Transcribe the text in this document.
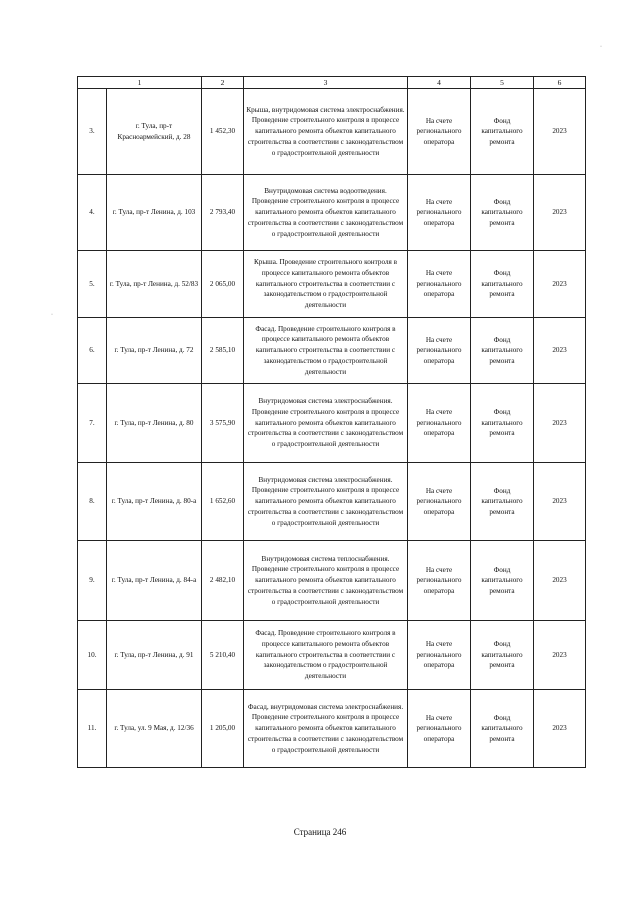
1		2	3	4	5	6
3.	г. Тула, пр-т Красноармейский, д. 28	1 452,30	Крыша, внутридомовая система электроснабжения. Проведение строительного контроля в процессе капитального ремонта объектов капитального строительства в соответствии с законодательством о градостроительной деятельности	На счете регионального оператора	Фонд капитального ремонта	2023
4.	г. Тула, пр-т Ленина, д. 103	2 793,40	Внутридомовая система водоотведения. Проведение строительного контроля в процессе капитального ремонта объектов капитального строительства в соответствии с законодательством о градостроительной деятельности	На счете регионального оператора	Фонд капитального ремонта	2023
5.	г. Тула, пр-т Ленина, д. 52/83	2 065,00	Крыша. Проведение строительного контроля в процессе капитального ремонта объектов капитального строительства в соответствии с законодательством о градостроительной деятельности	На счете регионального оператора	Фонд капитального ремонта	2023
6.	г. Тула, пр-т Ленина, д. 72	2 585,10	Фасад. Проведение строительного контроля в процессе капитального ремонта объектов капитального строительства в соответствии с законодательством о градостроительной деятельности	На счете регионального оператора	Фонд капитального ремонта	2023
7.	г. Тула, пр-т Ленина, д. 80	3 575,90	Внутридомовая система электроснабжения. Проведение строительного контроля в процессе капитального ремонта объектов капитального строительства в соответствии с законодательством о градостроительной деятельности	На счете регионального оператора	Фонд капитального ремонта	2023
8.	г. Тула, пр-т Ленина, д. 80-а	1 652,60	Внутридомовая система электроснабжения. Проведение строительного контроля в процессе капитального ремонта объектов капитального строительства в соответствии с законодательством о градостроительной деятельности	На счете регионального оператора	Фонд капитального ремонта	2023
9.	г. Тула, пр-т Ленина, д. 84-а	2 482,10	Внутридомовая система теплоснабжения. Проведение строительного контроля в процессе капитального ремонта объектов капитального строительства в соответствии с законодательством о градостроительной деятельности	На счете регионального оператора	Фонд капитального ремонта	2023
10.	г. Тула, пр-т Ленина, д. 91	5 210,40	Фасад. Проведение строительного контроля в процессе капитального ремонта объектов капитального строительства в соответствии с законодательством о градостроительной деятельности	На счете регионального оператора	Фонд капитального ремонта	2023
11.	г. Тула, ул. 9 Мая, д. 12/36	1 205,00	Фасад, внутридомовая система электроснабжения. Проведение строительного контроля в процессе капитального ремонта объектов капитального строительства в соответствии с законодательством о градостроительной деятельности	На счете регионального оператора	Фонд капитального ремонта	2023
·
·
Страница 246
